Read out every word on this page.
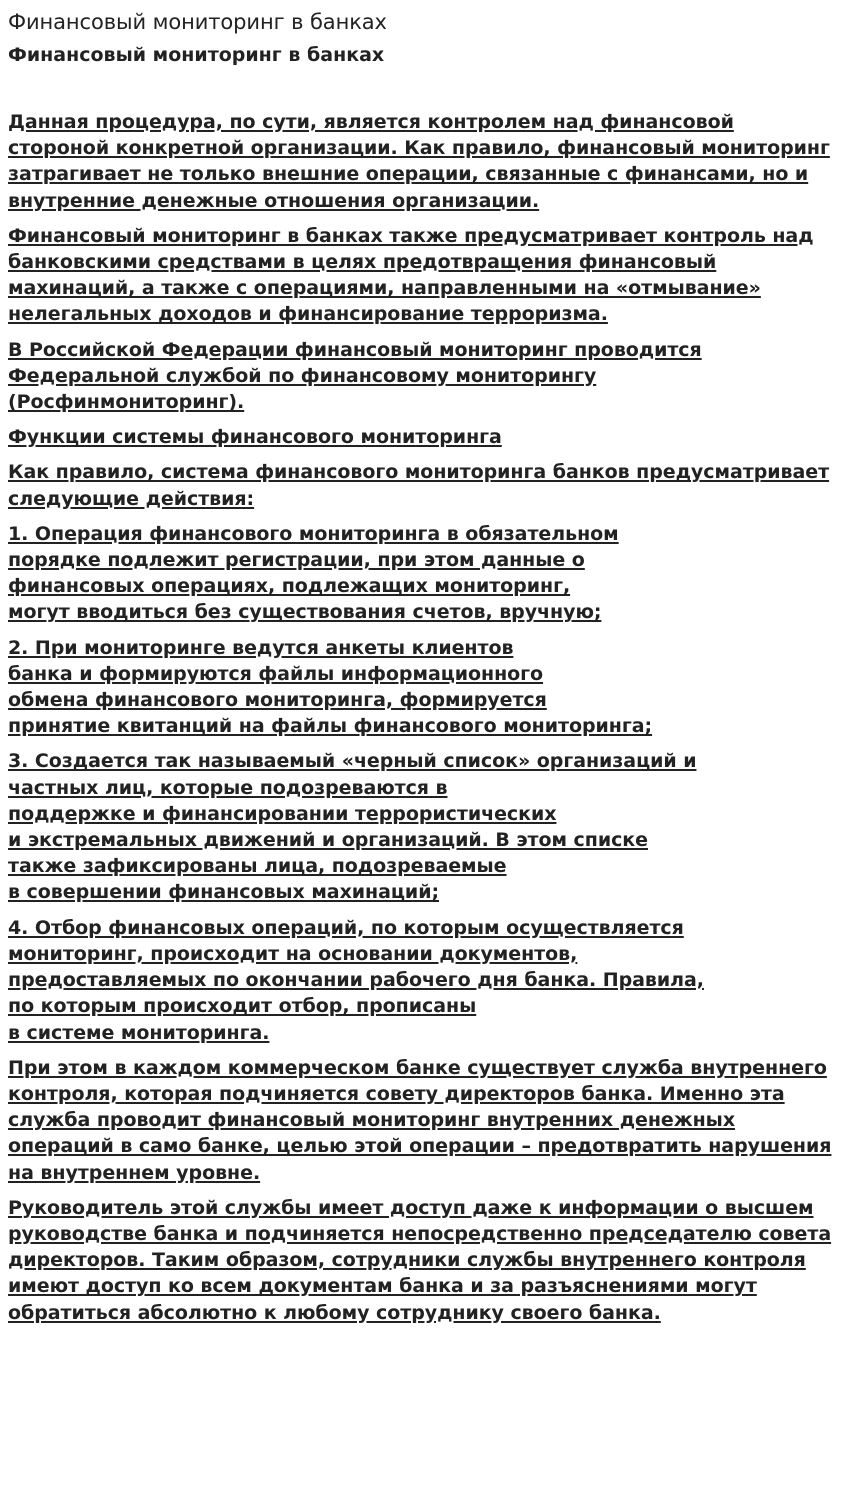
Финансовый мониторинг в банках
Финансовый мониторинг в банках

Данная процедура, по сути, является контролем над финансовой стороной конкретной организации. Как правило, финансовый мониторинг затрагивает не только внешние операции, связанные с финансами, но и внутренние денежные отношения организации.

Финансовый мониторинг в банках также предусматривает контроль над банковскими средствами в целях предотвращения финансовый махинаций, а также с операциями, направленными на «отмывание» нелегальных доходов и финансирование терроризма.

В Российской Федерации финансовый мониторинг проводится Федеральной службой по финансовому мониторингу (Росфинмониторинг).

Функции системы финансового мониторинга

Как правило, система финансового мониторинга банков предусматривает следующие действия:

1. Операция финансового мониторинга в обязательном
порядке подлежит регистрации, при этом данные о
финансовых операциях, подлежащих мониторинг,
могут вводиться без существования счетов, вручную;

2. При мониторинге ведутся анкеты клиентов
банка и формируются файлы информационного
обмена финансового мониторинга, формируется
принятие квитанций на файлы финансового мониторинга;

3. Создается так называемый «черный список» организаций и
частных лиц, которые подозреваются в
поддержке и финансировании террористических
и экстремальных движений и организаций. В этом списке
также зафиксированы лица, подозреваемые
в совершении финансовых махинаций;

4. Отбор финансовых операций, по которым осуществляется
мониторинг, происходит на основании документов,
предоставляемых по окончании рабочего дня банка. Правила,
по которым происходит отбор, прописаны
в системе мониторинга.

При этом в каждом коммерческом банке существует служба внутреннего контроля, которая подчиняется совету директоров банка. Именно эта служба проводит финансовый мониторинг внутренних денежных операций в само банке, целью этой операции – предотвратить нарушения на внутреннем уровне.

Руководитель этой службы имеет доступ даже к информации о высшем руководстве банка и подчиняется непосредственно председателю совета директоров. Таким образом, сотрудники службы внутреннего контроля имеют доступ ко всем документам банка и за разъяснениями могут обратиться абсолютно к любому сотруднику своего банка.
